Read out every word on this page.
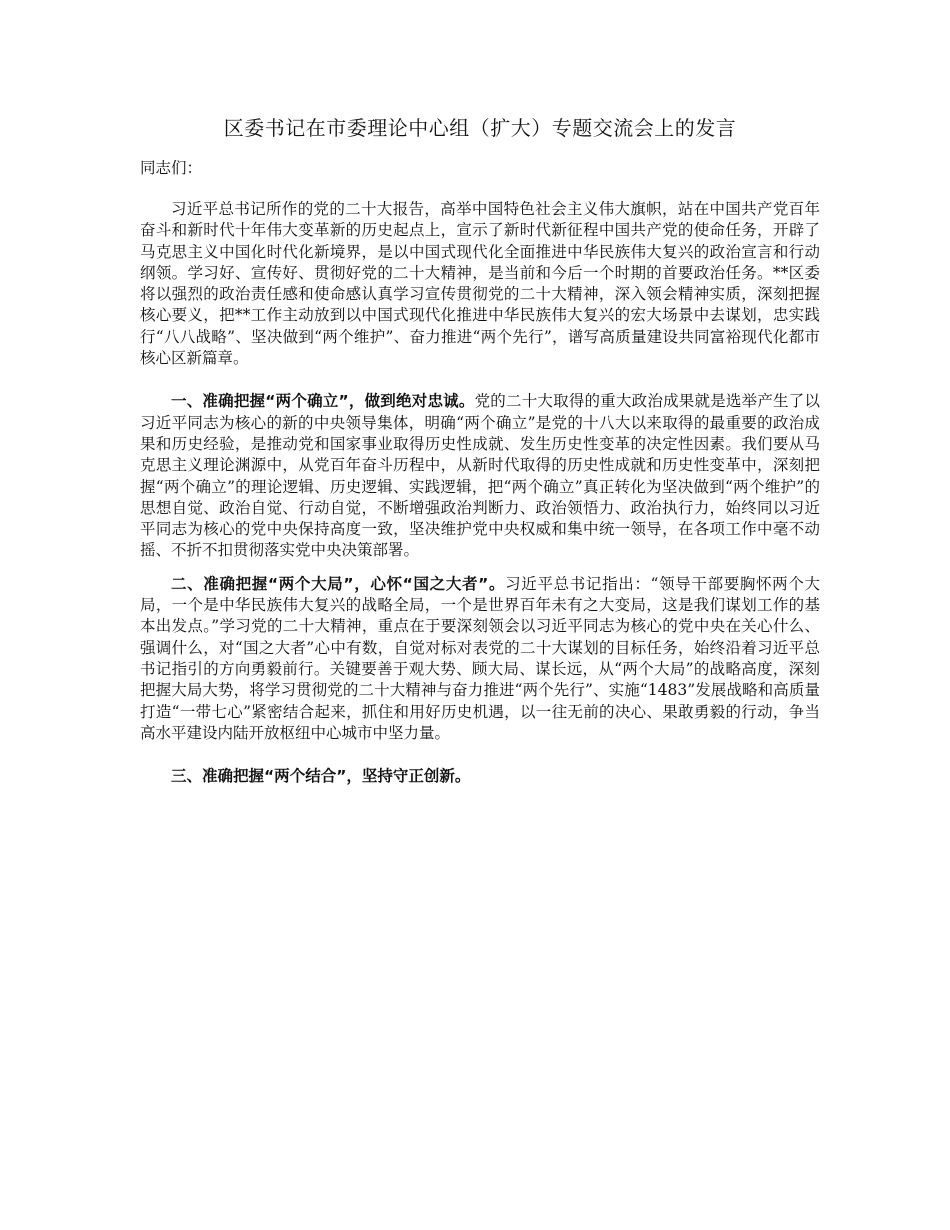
区委书记在市委理论中心组（扩大）专题交流会上的发言

同志们：

习近平总书记所作的党的二十大报告，高举中国特色社会主义伟大旗帜，站在中国共产党百年奋斗和新时代十年伟大变革新的历史起点上，宣示了新时代新征程中国共产党的使命任务，开辟了马克思主义中国化时代化新境界，是以中国式现代化全面推进中华民族伟大复兴的政治宣言和行动纲领。学习好、宣传好、贯彻好党的二十大精神，是当前和今后一个时期的首要政治任务。**区委将以强烈的政治责任感和使命感认真学习宣传贯彻党的二十大精神，深入领会精神实质，深刻把握核心要义，把**工作主动放到以中国式现代化推进中华民族伟大复兴的宏大场景中去谋划，忠实践行“八八战略”、坚决做到“两个维护”、奋力推进“两个先行”，谱写高质量建设共同富裕现代化都市核心区新篇章。

一、准确把握“两个确立”，做到绝对忠诚。党的二十大取得的重大政治成果就是选举产生了以习近平同志为核心的新的中央领导集体，明确“两个确立”是党的十八大以来取得的最重要的政治成果和历史经验，是推动党和国家事业取得历史性成就、发生历史性变革的决定性因素。我们要从马克思主义理论渊源中，从党百年奋斗历程中，从新时代取得的历史性成就和历史性变革中，深刻把握“两个确立”的理论逻辑、历史逻辑、实践逻辑，把“两个确立”真正转化为坚决做到“两个维护”的思想自觉、政治自觉、行动自觉，不断增强政治判断力、政治领悟力、政治执行力，始终同以习近平同志为核心的党中央保持高度一致，坚决维护党中央权威和集中统一领导，在各项工作中毫不动摇、不折不扣贯彻落实党中央决策部署。

二、准确把握“两个大局”，心怀“国之大者”。习近平总书记指出：“领导干部要胸怀两个大局，一个是中华民族伟大复兴的战略全局，一个是世界百年未有之大变局，这是我们谋划工作的基本出发点。”学习党的二十大精神，重点在于要深刻领会以习近平同志为核心的党中央在关心什么、强调什么，对“国之大者”心中有数，自觉对标对表党的二十大谋划的目标任务，始终沿着习近平总书记指引的方向勇毅前行。关键要善于观大势、顾大局、谋长远，从“两个大局”的战略高度，深刻把握大局大势，将学习贯彻党的二十大精神与奋力推进“两个先行”、实施“1483”发展战略和高质量打造“一带七心”紧密结合起来，抓住和用好历史机遇，以一往无前的决心、果敢勇毅的行动，争当高水平建设内陆开放枢纽中心城市中坚力量。

三、准确把握“两个结合”，坚持守正创新。
